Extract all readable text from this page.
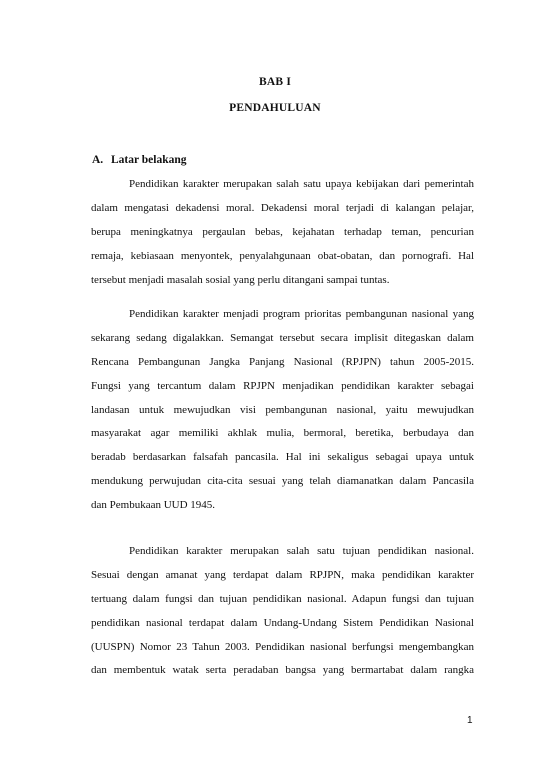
BAB I
PENDAHULUAN
A. Latar belakang
Pendidikan karakter merupakan salah satu upaya kebijakan dari pemerintah
dalam mengatasi dekadensi moral. Dekadensi moral terjadi di kalangan pelajar,
berupa meningkatnya pergaulan bebas, kejahatan terhadap teman, pencurian
remaja, kebiasaan menyontek, penyalahgunaan obat-obatan, dan pornografi. Hal
tersebut menjadi masalah sosial yang perlu ditangani sampai tuntas.
Pendidikan karakter menjadi program prioritas pembangunan nasional yang
sekarang sedang digalakkan. Semangat tersebut secara implisit ditegaskan dalam
Rencana Pembangunan Jangka Panjang Nasional (RPJPN) tahun 2005-2015.
Fungsi yang tercantum dalam RPJPN menjadikan pendidikan karakter sebagai
landasan untuk mewujudkan visi pembangunan nasional, yaitu mewujudkan
masyarakat agar memiliki akhlak mulia, bermoral, beretika, berbudaya dan
beradab berdasarkan falsafah pancasila. Hal ini sekaligus sebagai upaya untuk
mendukung perwujudan cita-cita sesuai yang telah diamanatkan dalam Pancasila
dan Pembukaan UUD 1945.
Pendidikan karakter merupakan salah satu tujuan pendidikan nasional.
Sesuai dengan amanat yang terdapat dalam RPJPN, maka pendidikan karakter
tertuang dalam fungsi dan tujuan pendidikan nasional. Adapun fungsi dan tujuan
pendidikan nasional terdapat dalam Undang-Undang Sistem Pendidikan Nasional
(UUSPN) Nomor 23 Tahun 2003. Pendidikan nasional berfungsi mengembangkan
dan membentuk watak serta peradaban bangsa yang bermartabat dalam rangka
1
